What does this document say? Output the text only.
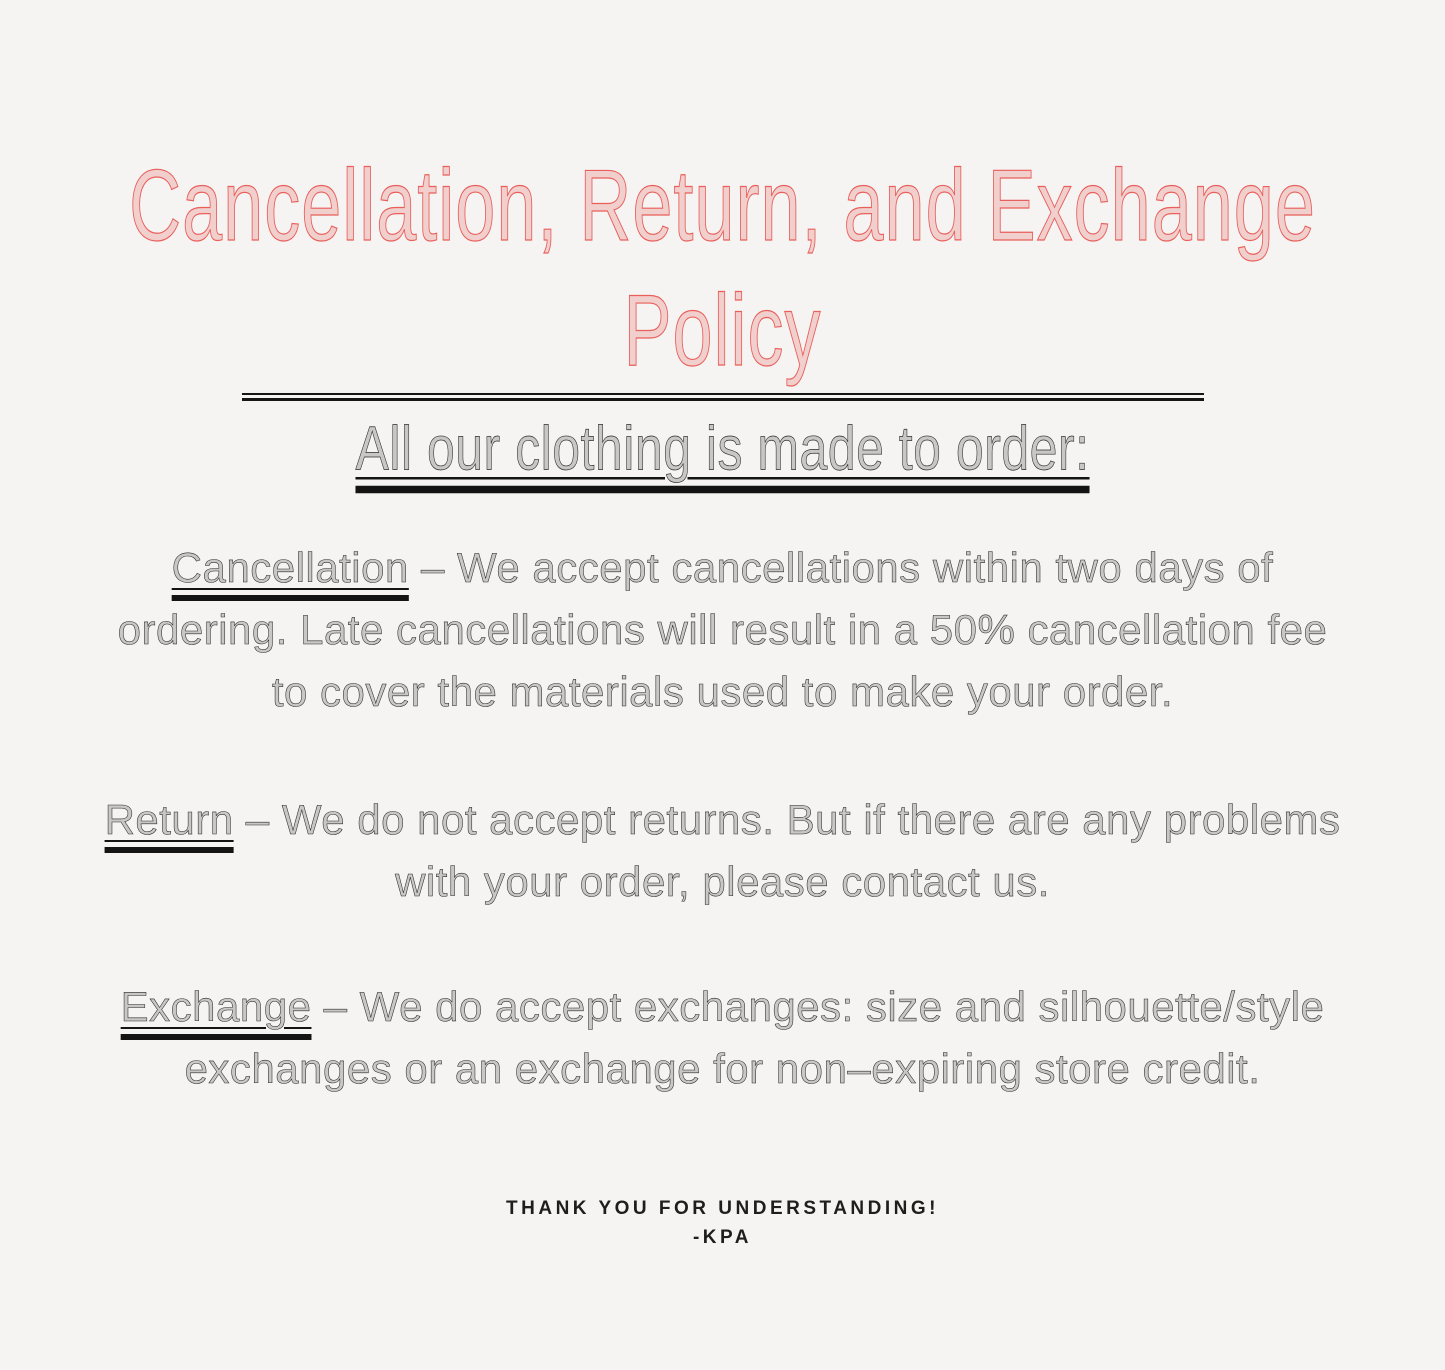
Cancellation, Return, and Exchange
Policy
All our clothing is made to order:

Cancellation – We accept cancellations within two days of

ordering. Late cancellations will result in a 50% cancellation fee

to cover the materials used to make your order.

Return – We do not accept returns. But if there are any problems

with your order, please contact us.

Exchange – We do accept exchanges: size and silhouette/style

exchanges or an exchange for non–expiring store credit.

THANK YOU FOR UNDERSTANDING!
-KPA
